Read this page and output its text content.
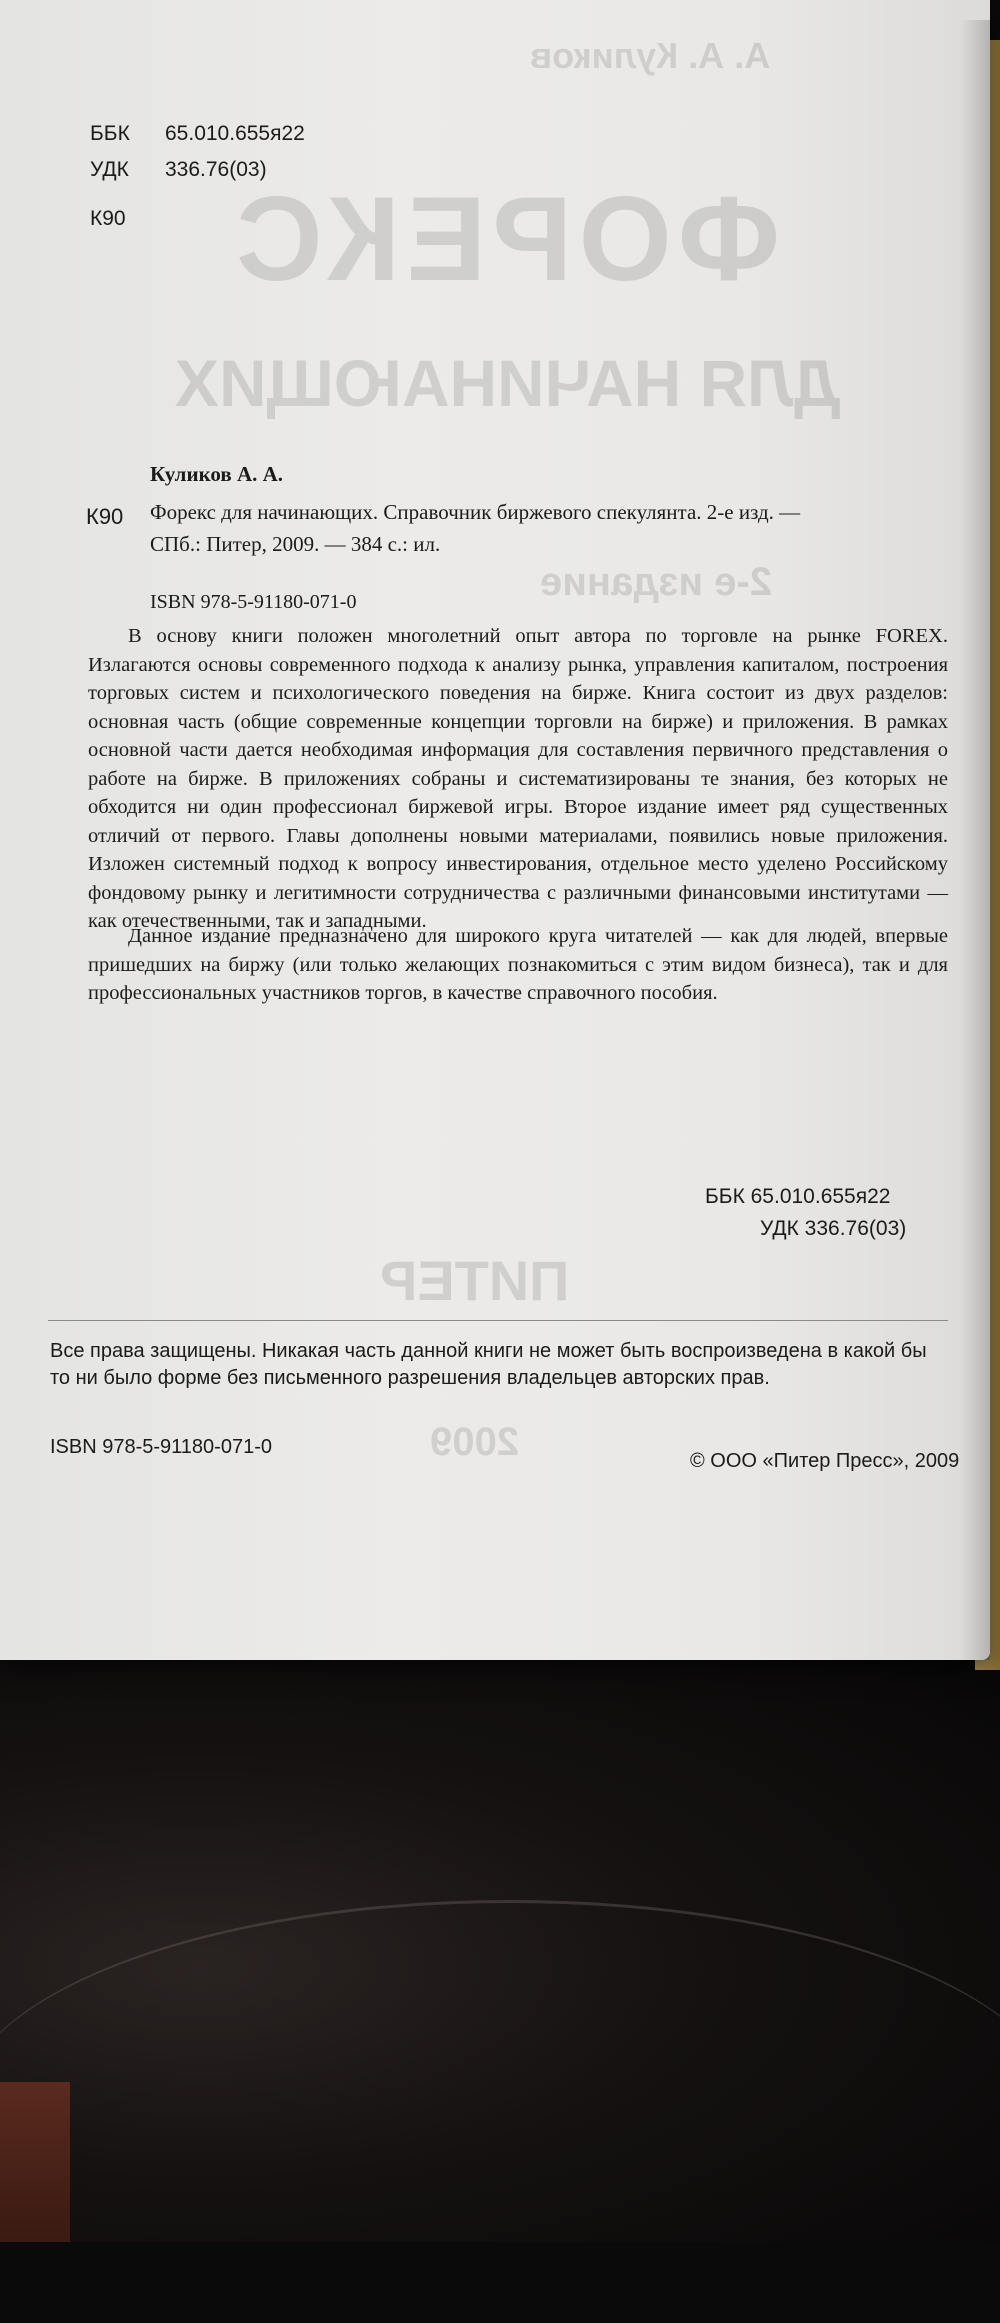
А. А. Куликов
ФОРЕКС
ДЛЯ НАЧИНАЮЩИХ
2-е издание
ПИТЕР
2009
ББК 65.010.655я22
УДК 336.76(03)
К90
Куликов А. А.
К90 Форекс для начинающих. Справочник биржевого спекулянта. 2-е изд. —
СПб.: Питер, 2009. — 384 с.: ил.
ISBN 978-5-91180-071-0
В основу книги положен многолетний опыт автора по торговле на рынке FOREX. Излагаются основы современного подхода к анализу рынка, управления капиталом, построения торговых систем и психологического поведения на бирже. Книга состоит из двух разделов: основная часть (общие современные концепции торговли на бирже) и приложения. В рамках основной части дается необходимая информация для составления первичного представления о работе на бирже. В приложениях собраны и систематизированы те знания, без которых не обходится ни один профессионал биржевой игры. Второе издание имеет ряд существенных отличий от первого. Главы дополнены новыми материалами, появились новые приложения. Изложен системный подход к вопросу инвестирования, отдельное место уделено Российскому фондовому рынку и легитимности сотрудничества с различными финансовыми институтами — как отечественными, так и западными.
Данное издание предназначено для широкого круга читателей — как для людей, впервые пришедших на биржу (или только желающих познакомиться с этим видом бизнеса), так и для профессиональных участников торгов, в качестве справочного пособия.
ББК 65.010.655я22
УДК 336.76(03)
Все права защищены. Никакая часть данной книги не может быть воспроизведена в какой бы то ни было форме без письменного разрешения владельцев авторских прав.
ISBN 978-5-91180-071-0
© ООО «Питер Пресс», 2009
